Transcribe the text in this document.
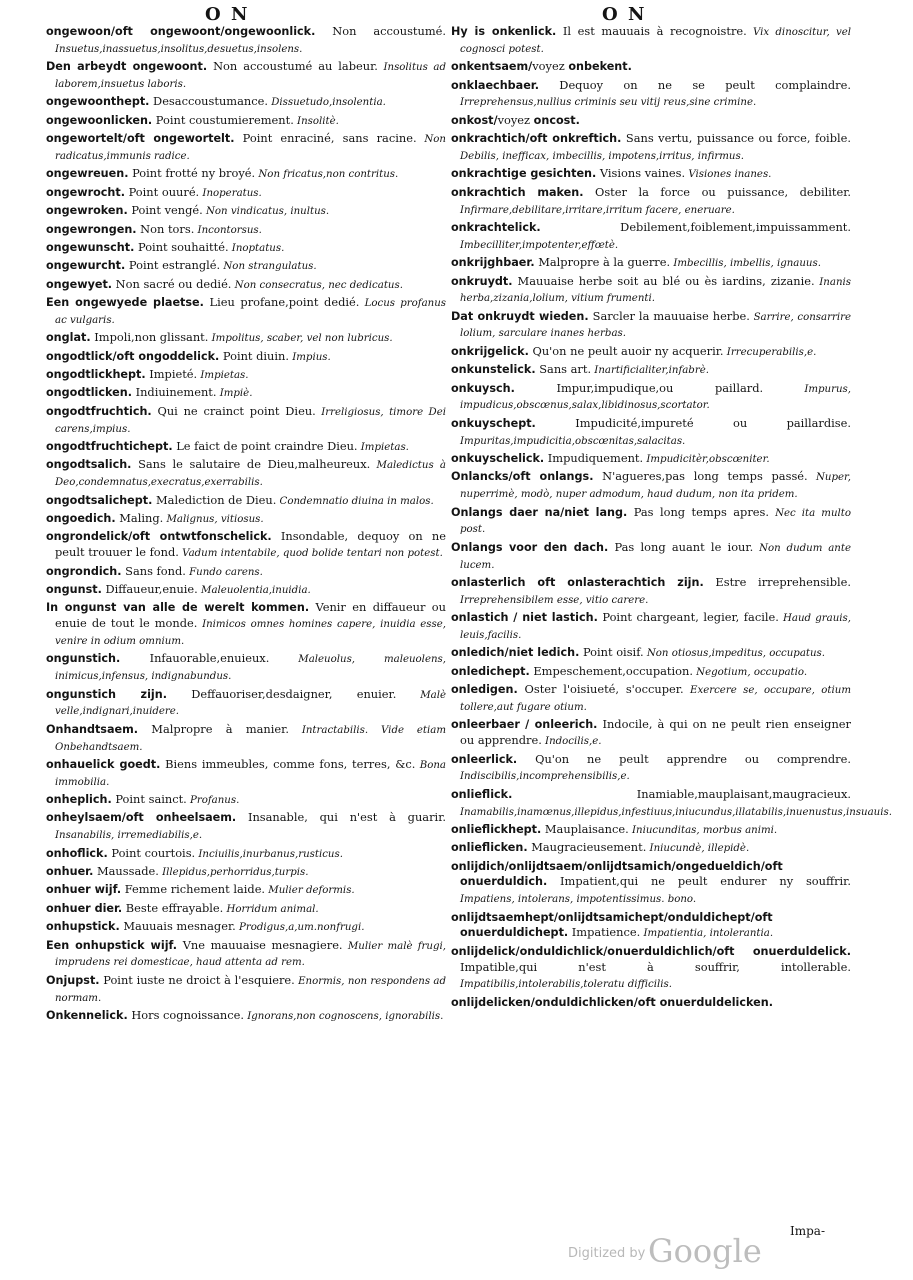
O N	O N

ongewoon/oft ongewoont/ongewoonlick. Non accoustumé. Insuetus,inassuetus,insolitus,desuetus,insolens.

Den arbeydt ongewoont. Non accoustumé au labeur. Insolitus ad laborem,insuetus laboris.

ongewoonthept. Desaccoustumance. Dissuetudo,insolentia.

ongewoonlicken. Point coustumierement. Insolitè.

ongewortelt/oft ongewortelt. Point enraciné, sans racine. Non radicatus,immunis radice.

ongewreuen. Point frotté ny broyé. Non fricatus,non contritus.

ongewrocht. Point ouuré. Inoperatus.

ongewroken. Point vengé. Non vindicatus, inultus.

ongewrongen. Non tors. Incontorsus.

ongewunscht. Point souhaitté. Inoptatus.

ongewurcht. Point estranglé. Non strangulatus.

ongewyet. Non sacré ou dedié. Non consecratus, nec dedicatus.

Een ongewyede plaetse. Lieu profane,point dedié. Locus profanus ac vulgaris.

onglat. Impoli,non glissant. Impolitus, scaber, vel non lubricus.

ongodtlick/oft ongoddelick. Point diuin. Impius.

ongodtlickhept. Impieté. Impietas.

ongodtlicken. Indiuinement. Impiè.

ongodtfruchtich. Qui ne crainct point Dieu. Irreligiosus, timore Dei carens,impius.

ongodtfruchtichept. Le faict de point craindre Dieu. Impietas.

ongodtsalich. Sans le salutaire de Dieu,malheureux. Maledictus à Deo,condemnatus,execratus,exerrabilis.

ongodtsalichept. Malediction de Dieu. Condemnatio diuina in malos.

ongoedich. Maling. Malignus, vitiosus.

ongrondelick/oft ontwtfonschelick. Insondable, dequoy on ne peult trouuer le fond. Vadum intentabile, quod bolide tentari non potest.

ongrondich. Sans fond. Fundo carens.

ongunst. Diffaueur,enuie. Maleuolentia,inuidia.

In ongunst van alle de werelt kommen. Venir en diffaueur ou enuie de tout le monde. Inimicos omnes homines capere, inuidia esse, venire in odium omnium.

ongunstich. Infauorable,enuieux. Maleuolus, maleuolens, inimicus,infensus, indignabundus.

ongunstich zijn. Deffauoriser,desdaigner, enuier. Malè velle,indignari,inuidere.

Onhandtsaem. Malpropre à manier. Intractabilis. Vide etiam Onbehandtsaem.

onhauelick goedt. Biens immeubles, comme fons, terres, &c. Bona immobilia.

onheplich. Point sainct. Profanus.

onheylsaem/oft onheelsaem. Insanable, qui n'est à guarir. Insanabilis, irremediabilis,e.

onhoflick. Point courtois. Inciuilis,inurbanus,rusticus.

onhuer. Maussade. Illepidus,perhorridus,turpis.

onhuer wijf. Femme richement laide. Mulier deformis.

onhuer dier. Beste effrayable. Horridum animal.

onhupstick. Mauuais mesnager. Prodigus,a,um.nonfrugi.

Een onhupstick wijf. Vne mauuaise mesnagiere. Mulier malè frugi, imprudens rei domesticae, haud attenta ad rem.

Onjupst. Point iuste ne droict à l'esquiere. Enormis, non respondens ad normam.

Onkennelick. Hors cognoissance. Ignorans,non cognoscens, ignorabilis.

Hy is onkenlick. Il est mauuais à recognoistre. Vix dinoscitur, vel cognosci potest.

onkentsaem/voyez onbekent.

onklaechbaer. Dequoy on ne se peult complaindre. Irreprehensus,nullius criminis seu vitij reus,sine crimine.

onkost/voyez oncost.

onkrachtich/oft onkreftich. Sans vertu, puissance ou force, foible. Debilis, inefficax, imbecillis, impotens,irritus, infirmus.

onkrachtige gesichten. Visions vaines. Visiones inanes.

onkrachtich maken. Oster la force ou puissance, debiliter. Infirmare,debilitare,irritare,irritum facere, eneruare.

onkrachtelick. Debilement,foiblement,impuissamment. Imbecilliter,impotenter,effœtè.

onkrijghbaer. Malpropre à la guerre. Imbecillis, imbellis, ignauus.

onkruydt. Mauuaise herbe soit au blé ou ès iardins, zizanie. Inanis herba,zizania,lolium, vitium frumenti.

Dat onkruydt wieden. Sarcler la mauuaise herbe. Sarrire, consarrire lolium, sarculare inanes herbas.

onkrijgelick. Qu'on ne peult auoir ny acquerir. Irrecuperabilis,e.

onkunstelick. Sans art. Inartificialiter,infabrè.

onkuysch. Impur,impudique,ou paillard. Impurus, impudicus,obscœnus,salax,libidinosus,scortator.

onkuyschept. Impudicité,impureté ou paillardise. Impuritas,impudicitia,obscœnitas,salacitas.

onkuyschelick. Impudiquement. Impudicitèr,obscœniter.

Onlancks/oft onlangs. N'agueres,pas long temps passé. Nuper, nuperrimè, modò, nuper admodum, haud dudum, non ita pridem.

Onlangs daer na/niet lang. Pas long temps apres. Nec ita multo post.

Onlangs voor den dach. Pas long auant le iour. Non dudum ante lucem.

onlasterlich oft onlasterachtich zijn. Estre irreprehensible. Irreprehensibilem esse, vitio carere.

onlastich / niet lastich. Point chargeant, legier, facile. Haud grauis, leuis,facilis.

onledich/niet ledich. Point oisif. Non otiosus,impeditus, occupatus.

onledichept. Empeschement,occupation. Negotium, occupatio.

onledigen. Oster l'oisiueté, s'occuper. Exercere se, occupare, otium tollere,aut fugare otium.

onleerbaer / onleerich. Indocile, à qui on ne peult rien enseigner ou apprendre. Indocilis,e.

onleerlick. Qu'on ne peult apprendre ou comprendre. Indiscibilis,incomprehensibilis,e.

onlieflick. Inamiable,mauplaisant,maugracieux. Inamabilis,inamœnus,illepidus,infestiuus,iniucundus,illatabilis,inuenustus,insuauis.

onlieflickhept. Mauplaisance. Iniucunditas, morbus animi.

onlieflicken. Maugracieusement. Iniucundè, illepidè.

onlijdich/onlijdtsaem/onlijdtsamich/ongedueldich/oft onuerduldich. Impatient,qui ne peult endurer ny souffrir. Impatiens, intolerans, impotentissimus. bono.

onlijdtsaemhept/onlijdtsamichept/onduldichept/oft onuerduldichept. Impatience. Impatientia, intolerantia.

onlijdelick/onduldichlick/onuerduldichlich/oft onuerduldelick. Impatible,qui n'est à souffrir, intollerable. Impatibilis,intolerabilis,toleratu difficilis.

onlijdelicken/onduldichlicken/oft onuerduldelicken.

Impa-
Digitized by Google
